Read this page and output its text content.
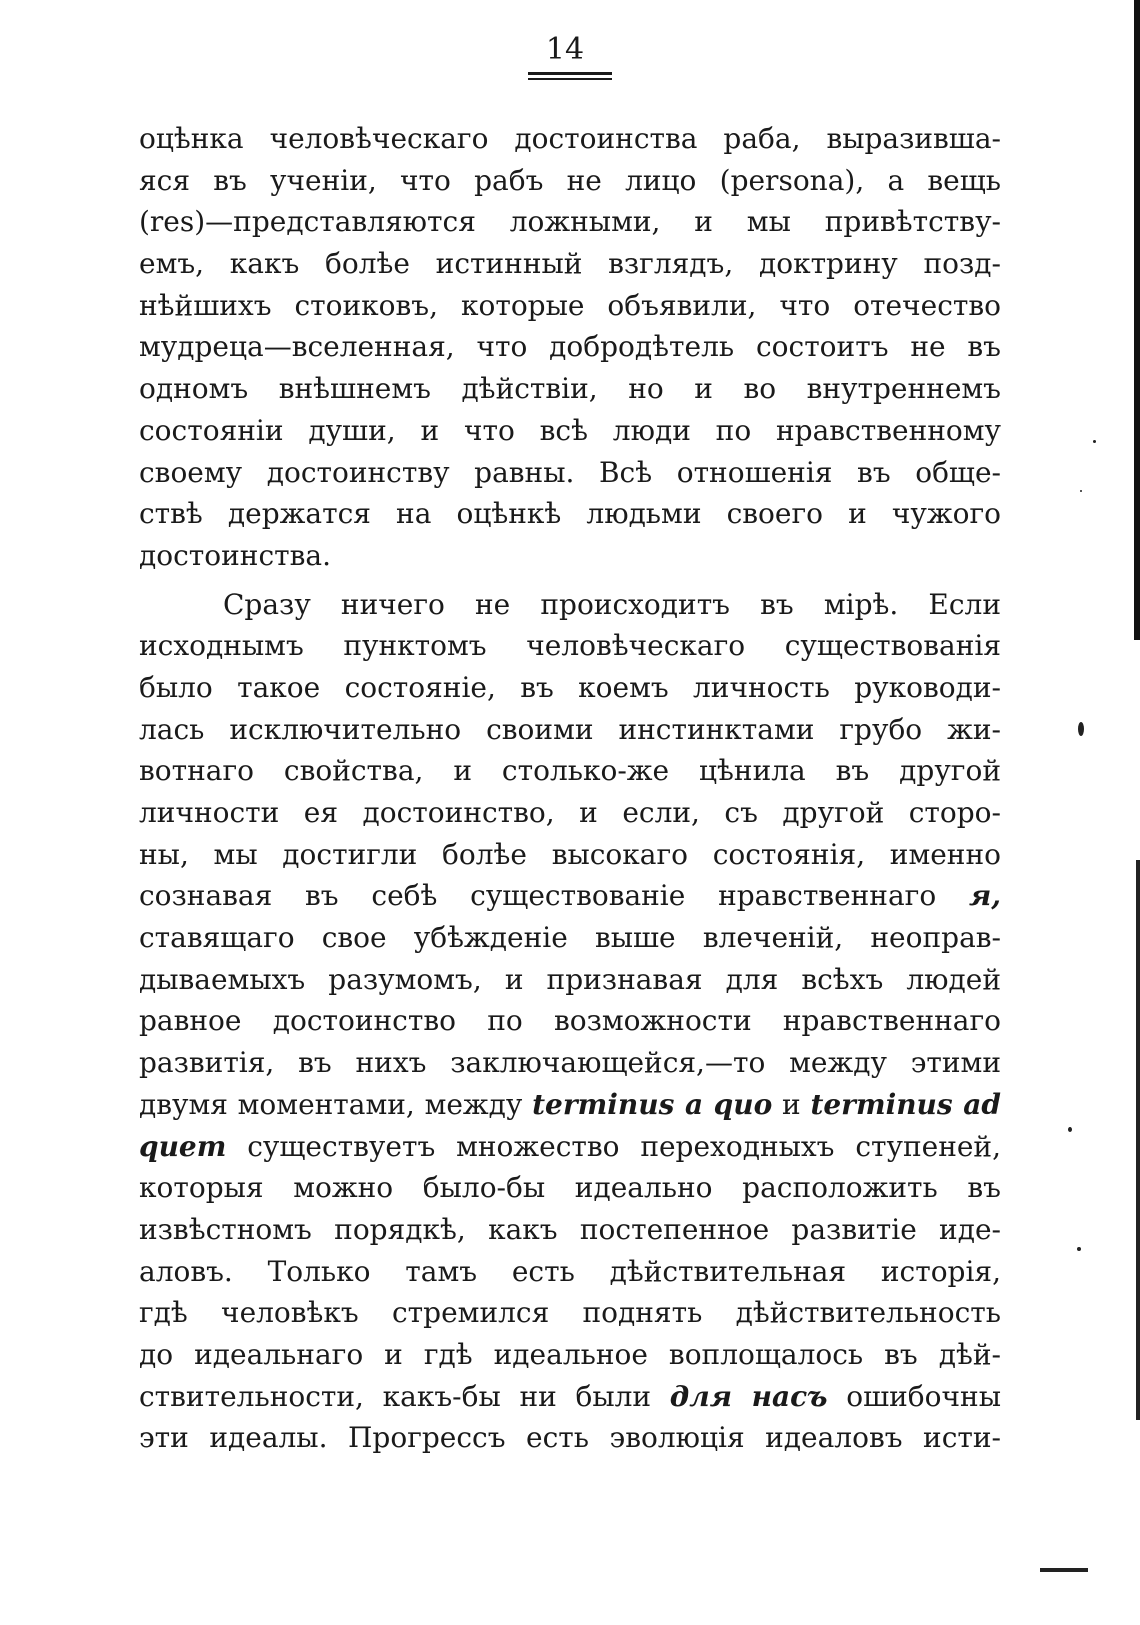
14
оцѣнка человѣческаго достоинства раба, выразивша-
яся въ ученіи, что рабъ не лицо (persona), а вещь
(res)—представляются ложными, и мы привѣтству-
емъ, какъ болѣе истинный взглядъ, доктрину позд-
нѣйшихъ стоиковъ, которые объявили, что отечество
мудреца—вселенная, что добродѣтель состоитъ не въ
одномъ внѣшнемъ дѣйствіи, но и во внутреннемъ
состояніи души, и что всѣ люди по нравственному
своему достоинству равны. Всѣ отношенія въ обще-
ствѣ держатся на оцѣнкѣ людьми своего и чужого
достоинства.
Сразу ничего не происходитъ въ мірѣ. Если
исходнымъ пунктомъ человѣческаго существованія
было такое состояніе, въ коемъ личность руководи-
лась исключительно своими инстинктами грубо жи-
вотнаго свойства, и столько-же цѣнила въ другой
личности ея достоинство, и если, съ другой сторо-
ны, мы достигли болѣе высокаго состоянія, именно
сознавая въ себѣ существованіе нравственнаго я,
ставящаго свое убѣжденіе выше влеченій, неоправ-
дываемыхъ разумомъ, и признавая для всѣхъ людей
равное достоинство по возможности нравственнаго
развитія, въ нихъ заключающейся,—то между этими
двумя моментами, между terminus a quo и terminus ad
quem существуетъ множество переходныхъ ступеней,
которыя можно было-бы идеально расположить въ
извѣстномъ порядкѣ, какъ постепенное развитіе иде-
аловъ. Только тамъ есть дѣйствительная исторія,
гдѣ человѣкъ стремился поднять дѣйствительность
до идеальнаго и гдѣ идеальное воплощалось въ дѣй-
ствительности, какъ-бы ни были для насъ ошибочны
эти идеалы. Прогрессъ есть эволюція идеаловъ исти-
